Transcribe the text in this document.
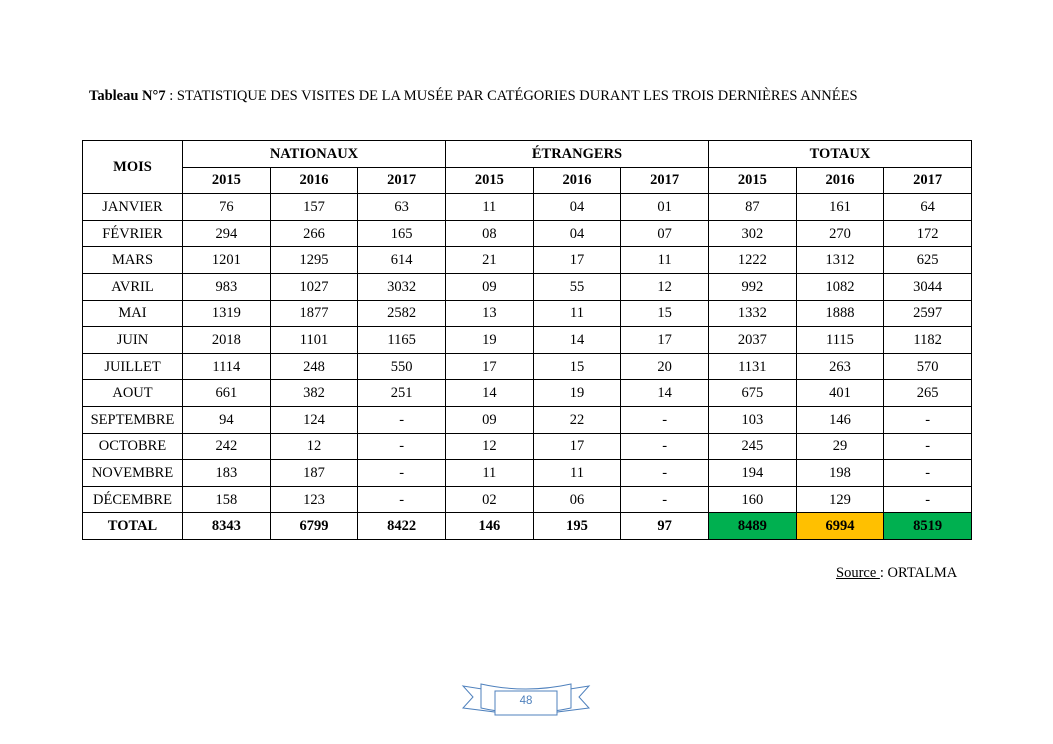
Tableau N°7 : STATISTIQUE DES VISITES DE LA MUSÉE PAR CATÉGORIES DURANT LES TROIS DERNIÈRES ANNÉES
MOIS	NATIONAUX			ÉTRANGERS			TOTAUX		
	2015	2016	2017	2015	2016	2017	2015	2016	2017
JANVIER	76	157	63	11	04	01	87	161	64
FÉVRIER	294	266	165	08	04	07	302	270	172
MARS	1201	1295	614	21	17	11	1222	1312	625
AVRIL	983	1027	3032	09	55	12	992	1082	3044
MAI	1319	1877	2582	13	11	15	1332	1888	2597
JUIN	2018	1101	1165	19	14	17	2037	1115	1182
JUILLET	1114	248	550	17	15	20	1131	263	570
AOUT	661	382	251	14	19	14	675	401	265
SEPTEMBRE	94	124	-	09	22	-	103	146	-
OCTOBRE	242	12	-	12	17	-	245	29	-
NOVEMBRE	183	187	-	11	11	-	194	198	-
DÉCEMBRE	158	123	-	02	06	-	160	129	-
TOTAL	8343	6799	8422	146	195	97	8489	6994	8519
Source : ORTALMA
48
